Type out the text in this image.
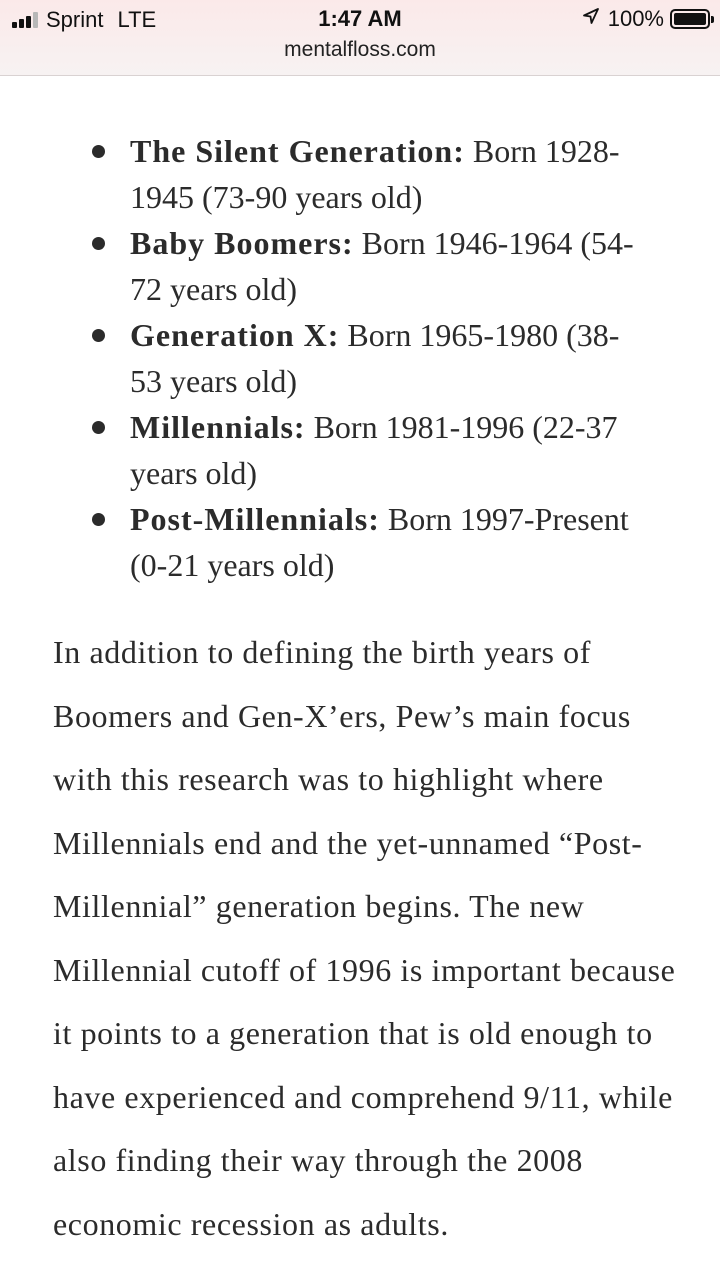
Sprint LTE	1:47 AM
mentalfloss.com
100%
The Silent Generation: Born 1928-1945 (73-90 years old)
Baby Boomers: Born 1946-1964 (54-72 years old)
Generation X: Born 1965-1980 (38-53 years old)
Millennials: Born 1981-1996 (22-37 years old)
Post-Millennials: Born 1997-Present (0-21 years old)

In addition to defining the birth years of Boomers and Gen-X’ers, Pew’s main focus with this research was to highlight where Millennials end and the yet-unnamed “Post-Millennial” generation begins. The new Millennial cutoff of 1996 is important because it points to a generation that is old enough to have experienced and comprehend 9/11, while also finding their way through the 2008 economic recession as adults.
